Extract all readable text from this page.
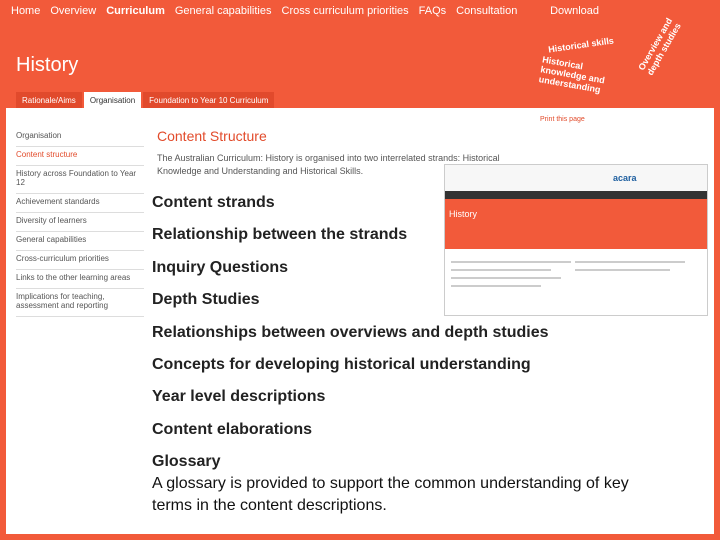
Home Overview Curriculum General capabilities Cross curriculum priorities FAQs Consultation	Download
Historical skills
Historical knowledge and understanding
Overview and depth studies
History
Rationale/Aims	Organisation	Foundation to Year 10 Curriculum
Organisation
Content structure
History across Foundation to Year 12
Achievement standards
Diversity of learners
General capabilities
Cross-curriculum priorities
Links to the other learning areas
Implications for teaching, assessment and reporting
Print this page
Content Structure
The Australian Curriculum: History is organised into two interrelated strands: Historical Knowledge and Understanding and Historical Skills.
acara
History
Content strands
Relationship between the strands
Inquiry Questions
Depth Studies
Relationships between overviews and depth studies
Concepts for developing historical understanding
Year level descriptions
Content elaborations
Glossary
A glossary is provided to support the common understanding of key terms in the content descriptions.
